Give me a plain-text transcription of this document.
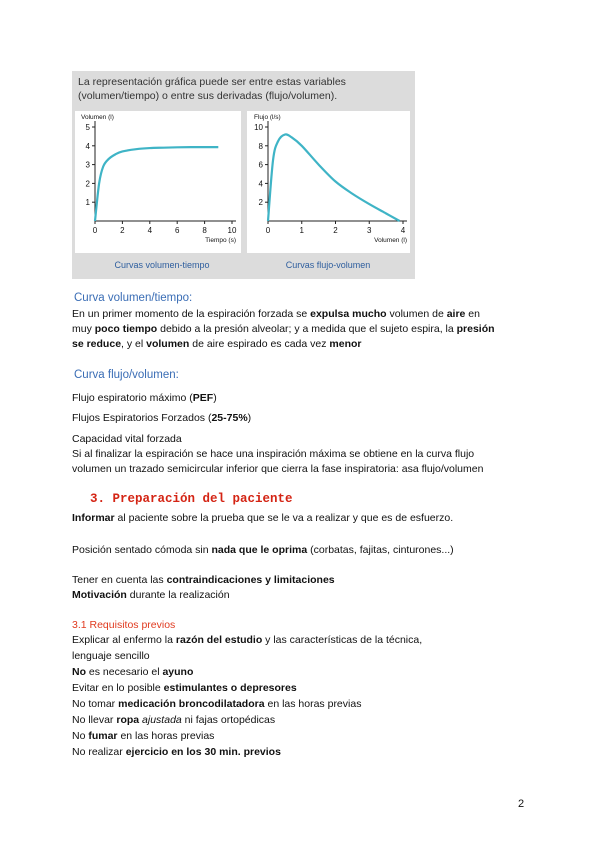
La representación gráfica puede ser entre estas variables
(volumen/tiempo) o entre sus derivadas (flujo/volumen).
0	2	4	6	8	10
1
2
3
4
5
Volumen (l)
Tiempo (s)
0	1	2	3	4
2
4
6
8
10
Flujo (l/s)
Volumen (l)
Curvas volumen-tiempo	Curvas flujo-volumen
Curva volumen/tiempo:
En un primer momento de la espiración forzada se expulsa mucho volumen de aire en
muy poco tiempo debido a la presión alveolar; y a medida que el sujeto espira, la presión
se reduce, y el volumen de aire espirado es cada vez menor
Curva flujo/volumen:
Flujo espiratorio máximo (PEF)
Flujos Espiratorios Forzados (25-75%)
Capacidad vital forzada
Si al finalizar la espiración se hace una inspiración máxima se obtiene en la curva flujo
volumen un trazado semicircular inferior que cierra la fase inspiratoria: asa flujo/volumen
3. Preparación del paciente
Informar al paciente sobre la prueba que se le va a realizar y que es de esfuerzo.
Posición sentado cómoda sin nada que le oprima (corbatas, fajitas, cinturones...)
Tener en cuenta las contraindicaciones y limitaciones
Motivación durante la realización
3.1 Requisitos previos
Explicar al enfermo la razón del estudio y las características de la técnica,
lenguaje sencillo
No es necesario el ayuno
Evitar en lo posible estimulantes o depresores
No tomar medicación broncodilatadora en las horas previas
No llevar ropa ajustada ni fajas ortopédicas
No fumar en las horas previas
No realizar ejercicio en los 30 min. previos
2
